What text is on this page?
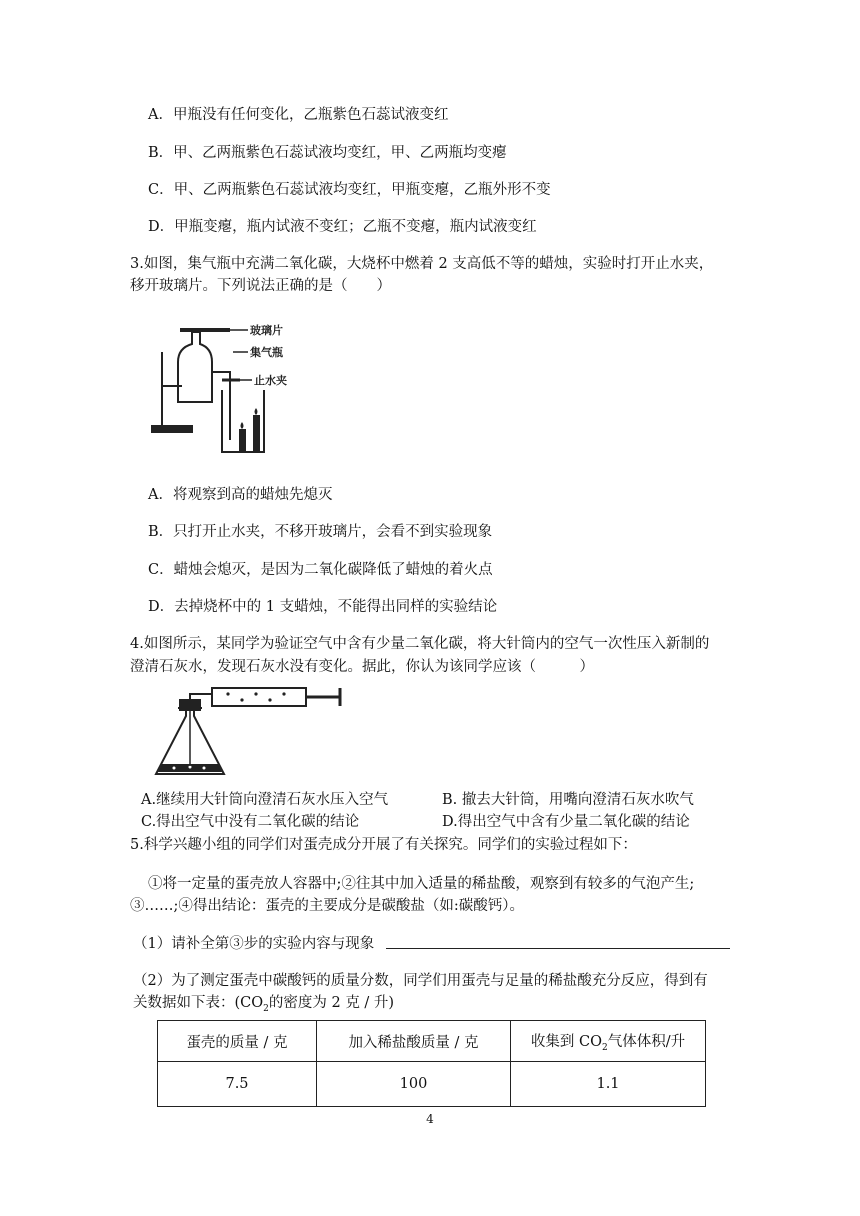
A．甲瓶没有任何变化，乙瓶紫色石蕊试液变红
B．甲、乙两瓶紫色石蕊试液均变红，甲、乙两瓶均变瘪
C．甲、乙两瓶紫色石蕊试液均变红，甲瓶变瘪，乙瓶外形不变
D．甲瓶变瘪，瓶内试液不变红；乙瓶不变瘪，瓶内试液变红
3.如图，集气瓶中充满二氧化碳，大烧杯中燃着 2 支高低不等的蜡烛，实验时打开止水夹，
移开玻璃片。下列说法正确的是（　　）
玻璃片
集气瓶
止水夹
A．将观察到高的蜡烛先熄灭
B．只打开止水夹，不移开玻璃片，会看不到实验现象
C．蜡烛会熄灭，是因为二氧化碳降低了蜡烛的着火点
D．去掉烧杯中的 1 支蜡烛，不能得出同样的实验结论
4.如图所示，某同学为验证空气中含有少量二氧化碳，将大针筒内的空气一次性压入新制的
澄清石灰水，发现石灰水没有变化。据此，你认为该同学应该（　　　）
A.继续用大针筒向澄清石灰水压入空气	B. 撤去大针筒，用嘴向澄清石灰水吹气
C.得出空气中没有二氧化碳的结论	D.得出空气中含有少量二氧化碳的结论
5.科学兴趣小组的同学们对蛋壳成分开展了有关探究。同学们的实验过程如下：
①将一定量的蛋壳放人容器中;②往其中加入适量的稀盐酸，观察到有较多的气泡产生;
③……;④得出结论：蛋壳的主要成分是碳酸盐（如:碳酸钙）。
（1）请补全第③步的实验内容与现象
（2）为了测定蛋壳中碳酸钙的质量分数，同学们用蛋壳与足量的稀盐酸充分反应，得到有
关数据如下表：($CO_2$的密度为 2 克 / 升)
蛋壳的质量 / 克	加入稀盐酸质量 / 克	收集到 $CO_2$气体体积/升
7.5	100	1.1
4
